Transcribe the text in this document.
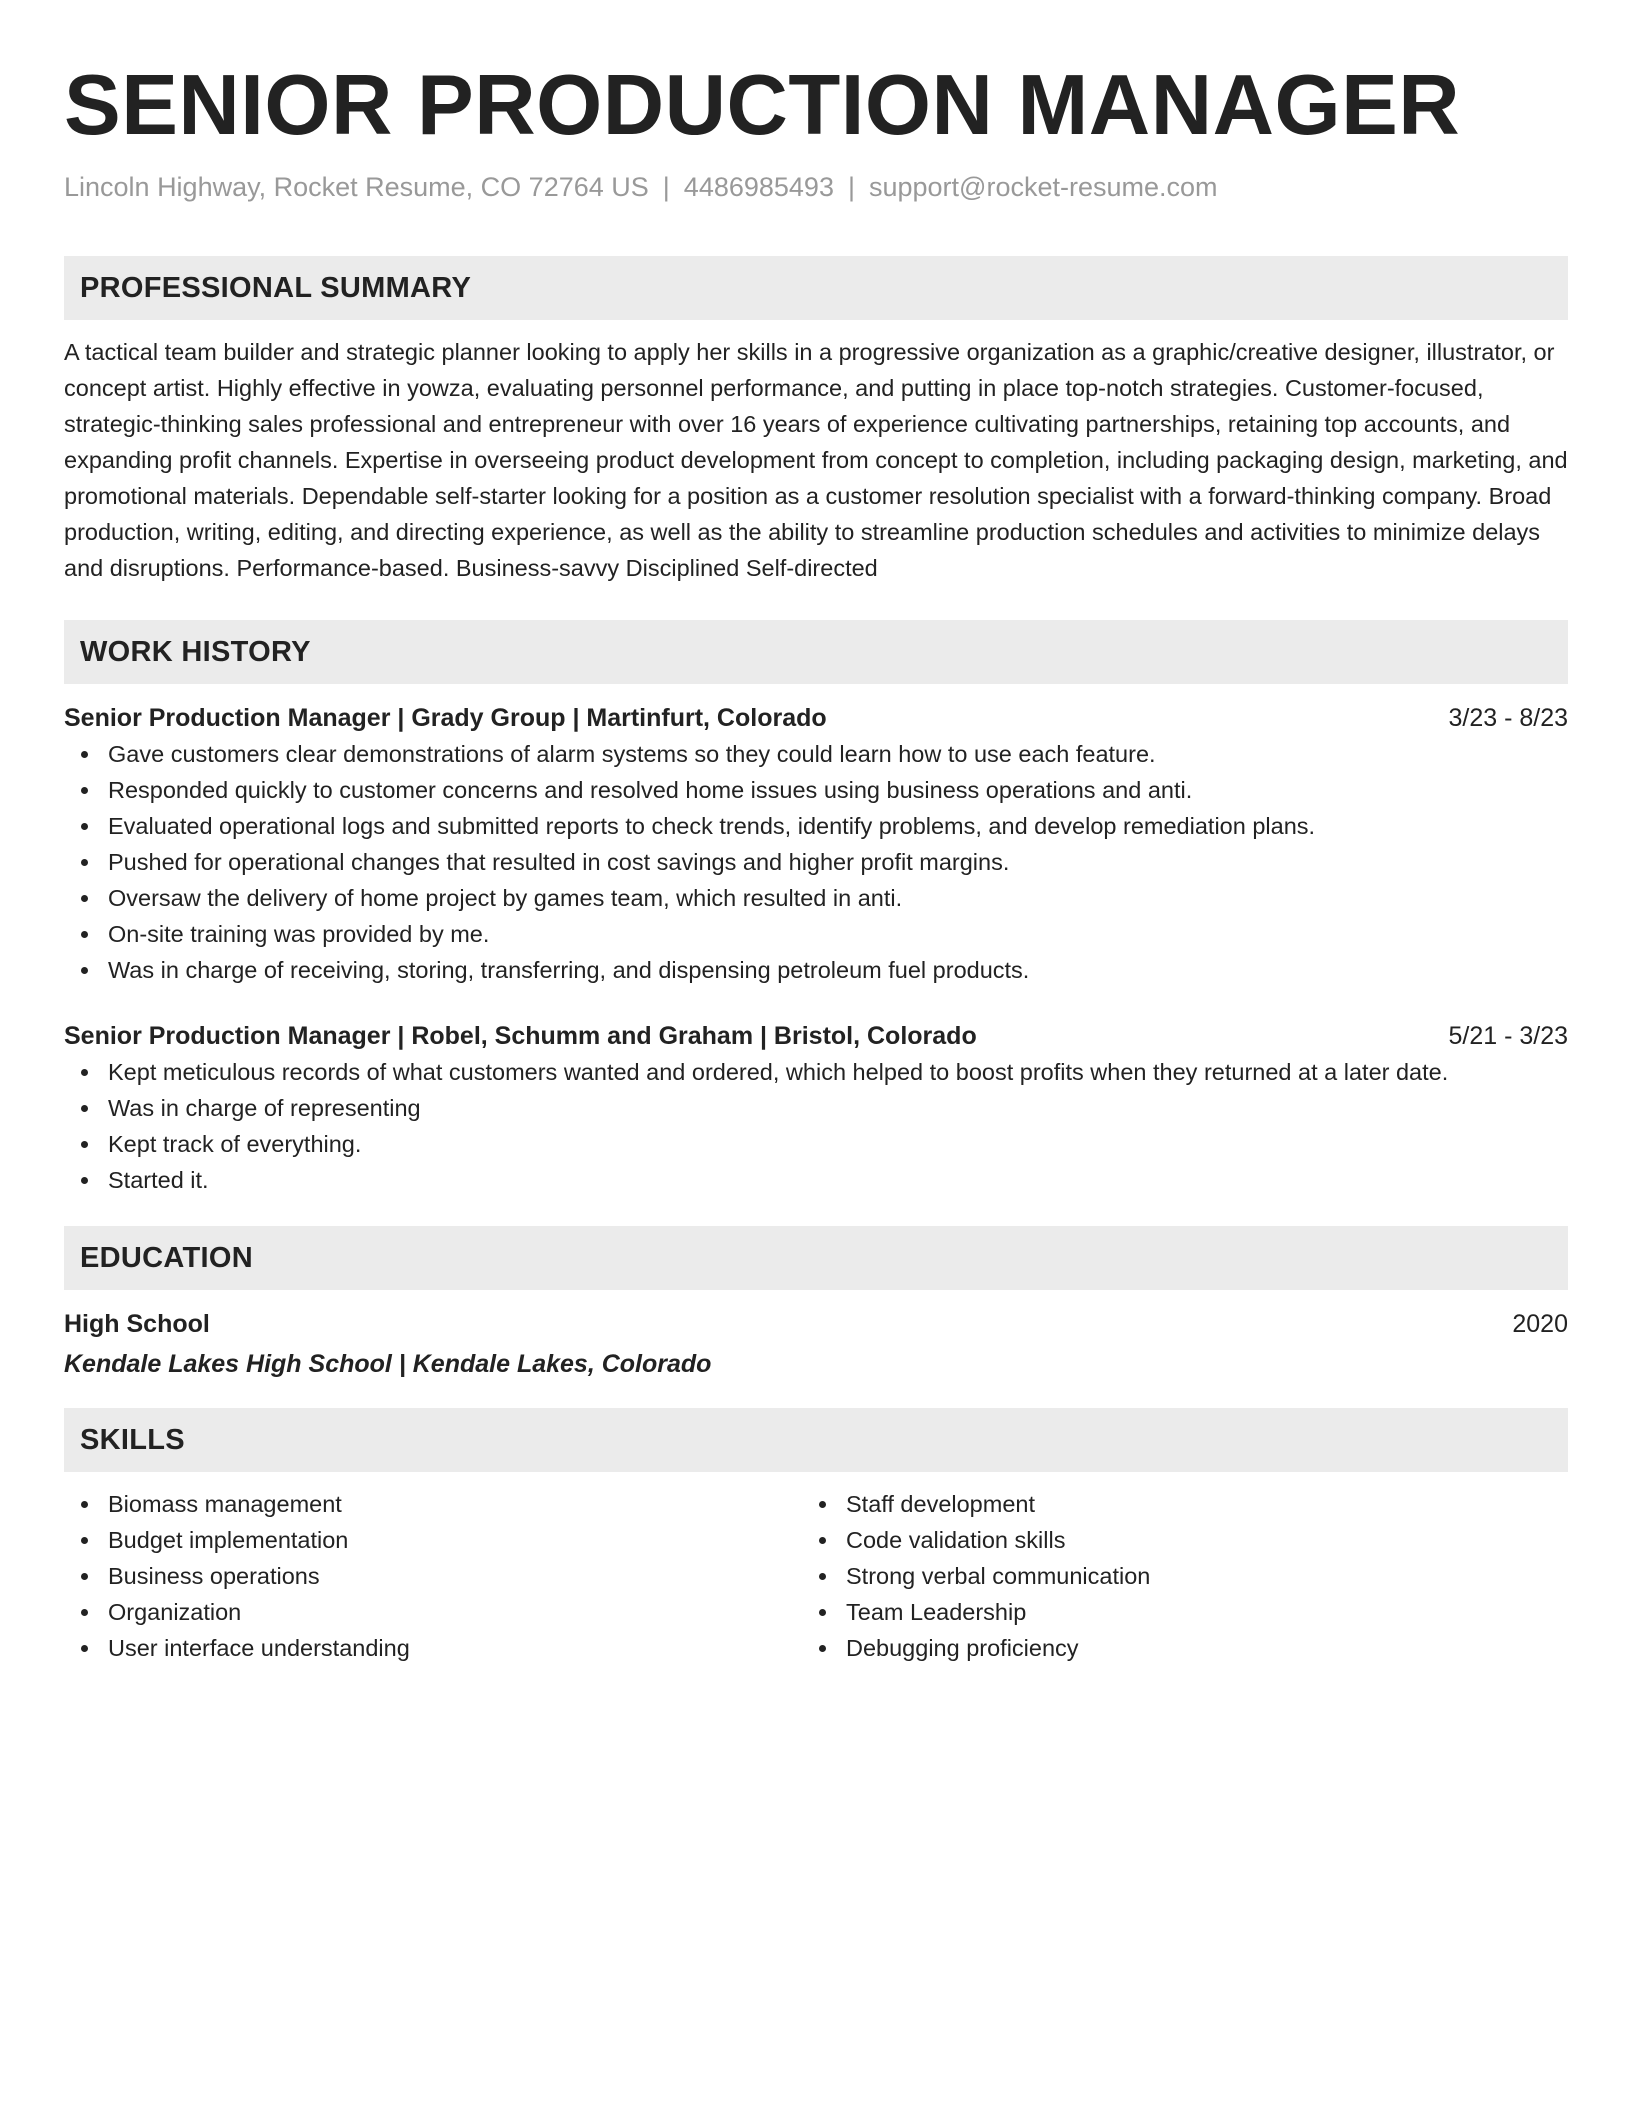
SENIOR PRODUCTION MANAGER
Lincoln Highway, Rocket Resume, CO 72764 US | 4486985493 | support@rocket-resume.com
PROFESSIONAL SUMMARY
A tactical team builder and strategic planner looking to apply her skills in a progressive organization as a graphic/creative designer, illustrator, or concept artist. Highly effective in yowza, evaluating personnel performance, and putting in place top-notch strategies. Customer-focused, strategic-thinking sales professional and entrepreneur with over 16 years of experience cultivating partnerships, retaining top accounts, and expanding profit channels. Expertise in overseeing product development from concept to completion, including packaging design, marketing, and promotional materials. Dependable self-starter looking for a position as a customer resolution specialist with a forward-thinking company. Broad production, writing, editing, and directing experience, as well as the ability to streamline production schedules and activities to minimize delays and disruptions. Performance-based. Business-savvy Disciplined Self-directed
WORK HISTORY
Senior Production Manager | Grady Group | Martinfurt, Colorado	3/23 - 8/23
Gave customers clear demonstrations of alarm systems so they could learn how to use each feature.
Responded quickly to customer concerns and resolved home issues using business operations and anti.
Evaluated operational logs and submitted reports to check trends, identify problems, and develop remediation plans.
Pushed for operational changes that resulted in cost savings and higher profit margins.
Oversaw the delivery of home project by games team, which resulted in anti.
On-site training was provided by me.
Was in charge of receiving, storing, transferring, and dispensing petroleum fuel products.
Senior Production Manager | Robel, Schumm and Graham | Bristol, Colorado	5/21 - 3/23
Kept meticulous records of what customers wanted and ordered, which helped to boost profits when they returned at a later date.
Was in charge of representing
Kept track of everything.
Started it.
EDUCATION
High School	2020
Kendale Lakes High School | Kendale Lakes, Colorado
SKILLS
Biomass management
Budget implementation
Business operations
Organization
User interface understanding
Staff development
Code validation skills
Strong verbal communication
Team Leadership
Debugging proficiency
